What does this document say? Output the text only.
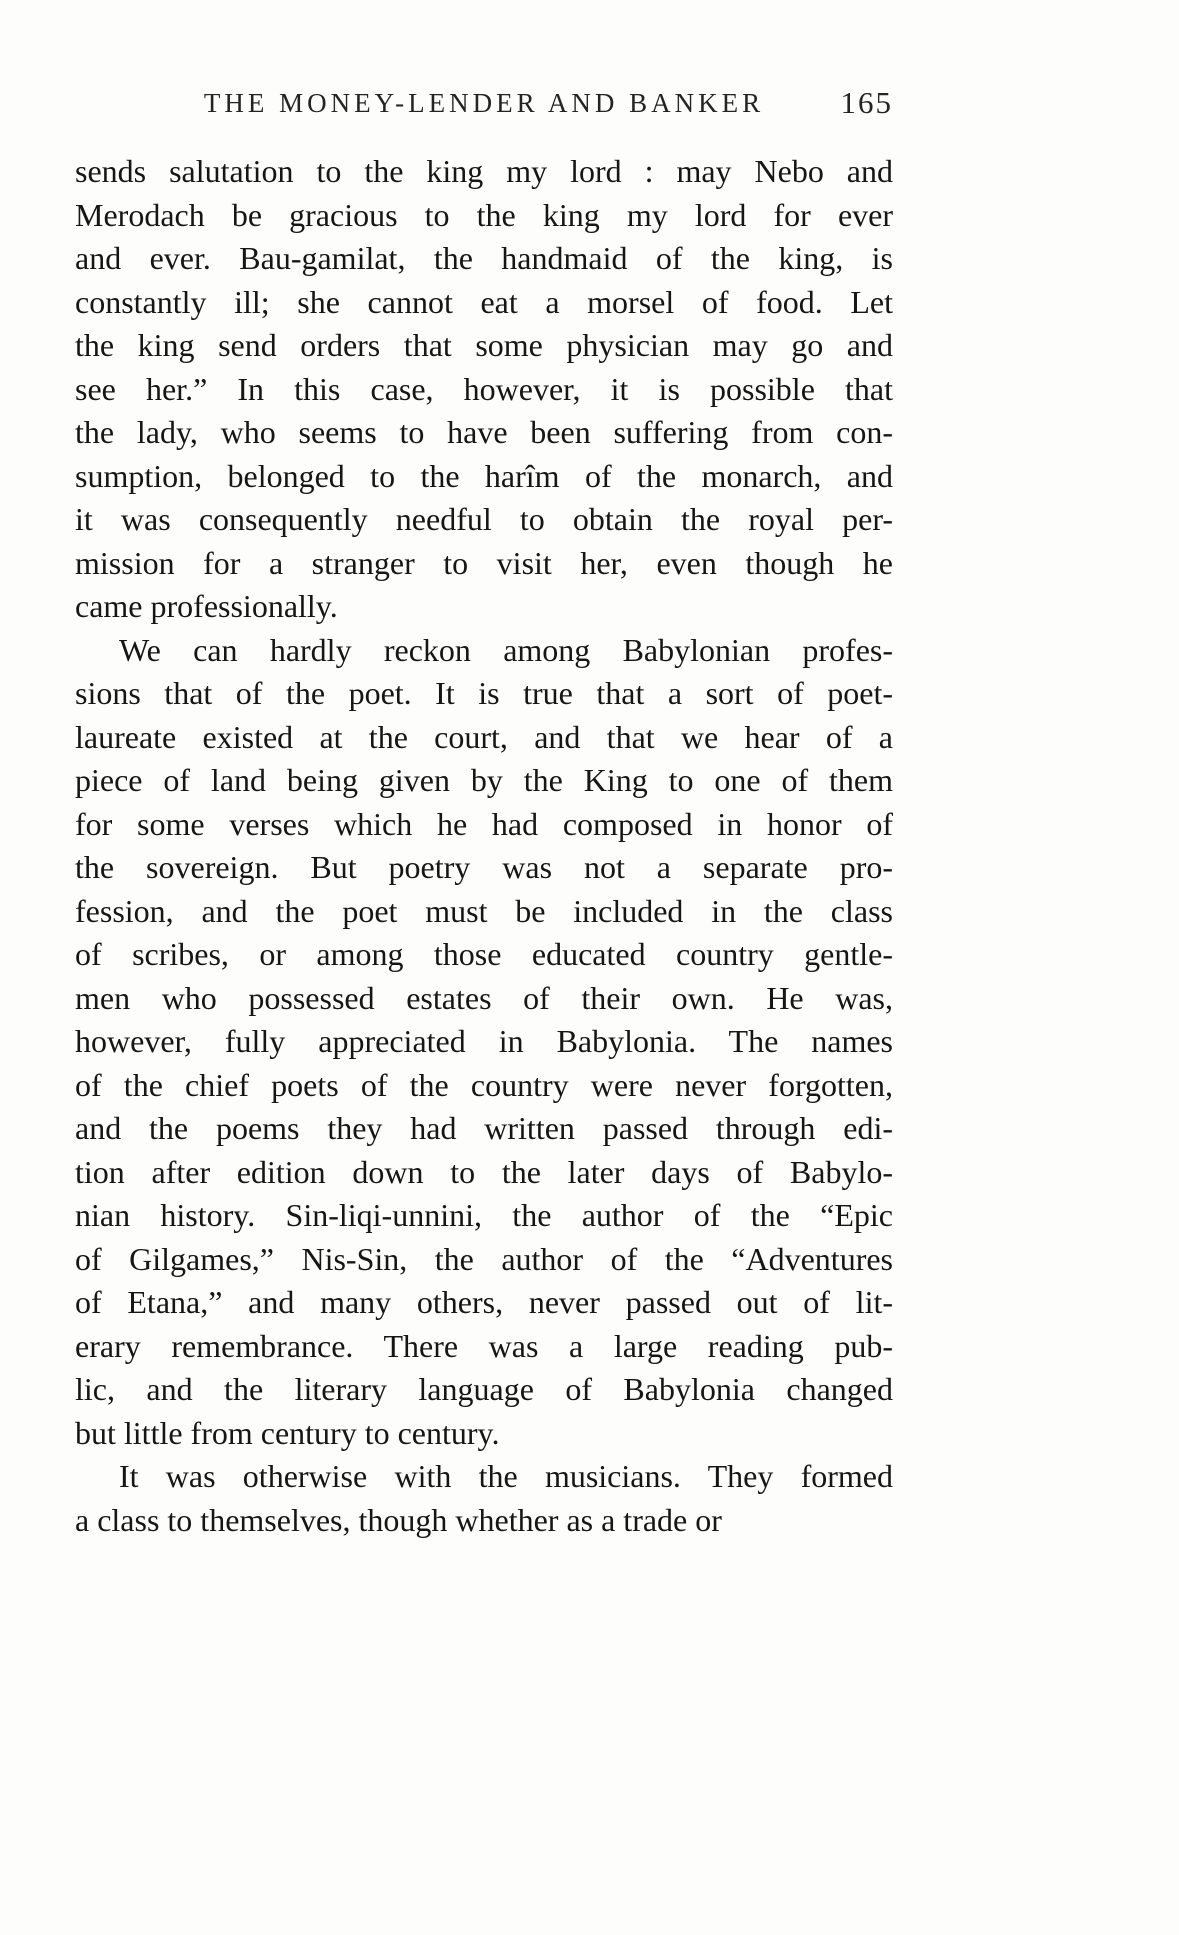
THE MONEY-LENDER AND BANKER 165
sends salutation to the king my lord : may Nebo and
Merodach be gracious to the king my lord for ever
and ever. Bau-gamilat, the handmaid of the king, is
constantly ill; she cannot eat a morsel of food. Let
the king send orders that some physician may go and
see her.” In this case, however, it is possible that
the lady, who seems to have been suffering from con-
sumption, belonged to the harîm of the monarch, and
it was consequently needful to obtain the royal per-
mission for a stranger to visit her, even though he
came professionally.
We can hardly reckon among Babylonian profes-
sions that of the poet. It is true that a sort of poet-
laureate existed at the court, and that we hear of a
piece of land being given by the King to one of them
for some verses which he had composed in honor of
the sovereign. But poetry was not a separate pro-
fession, and the poet must be included in the class
of scribes, or among those educated country gentle-
men who possessed estates of their own. He was,
however, fully appreciated in Babylonia. The names
of the chief poets of the country were never forgotten,
and the poems they had written passed through edi-
tion after edition down to the later days of Babylo-
nian history. Sin-liqi-unnini, the author of the “Epic
of Gilgames,” Nis-Sin, the author of the “Adventures
of Etana,” and many others, never passed out of lit-
erary remembrance. There was a large reading pub-
lic, and the literary language of Babylonia changed
but little from century to century.
It was otherwise with the musicians. They formed
a class to themselves, though whether as a trade or
